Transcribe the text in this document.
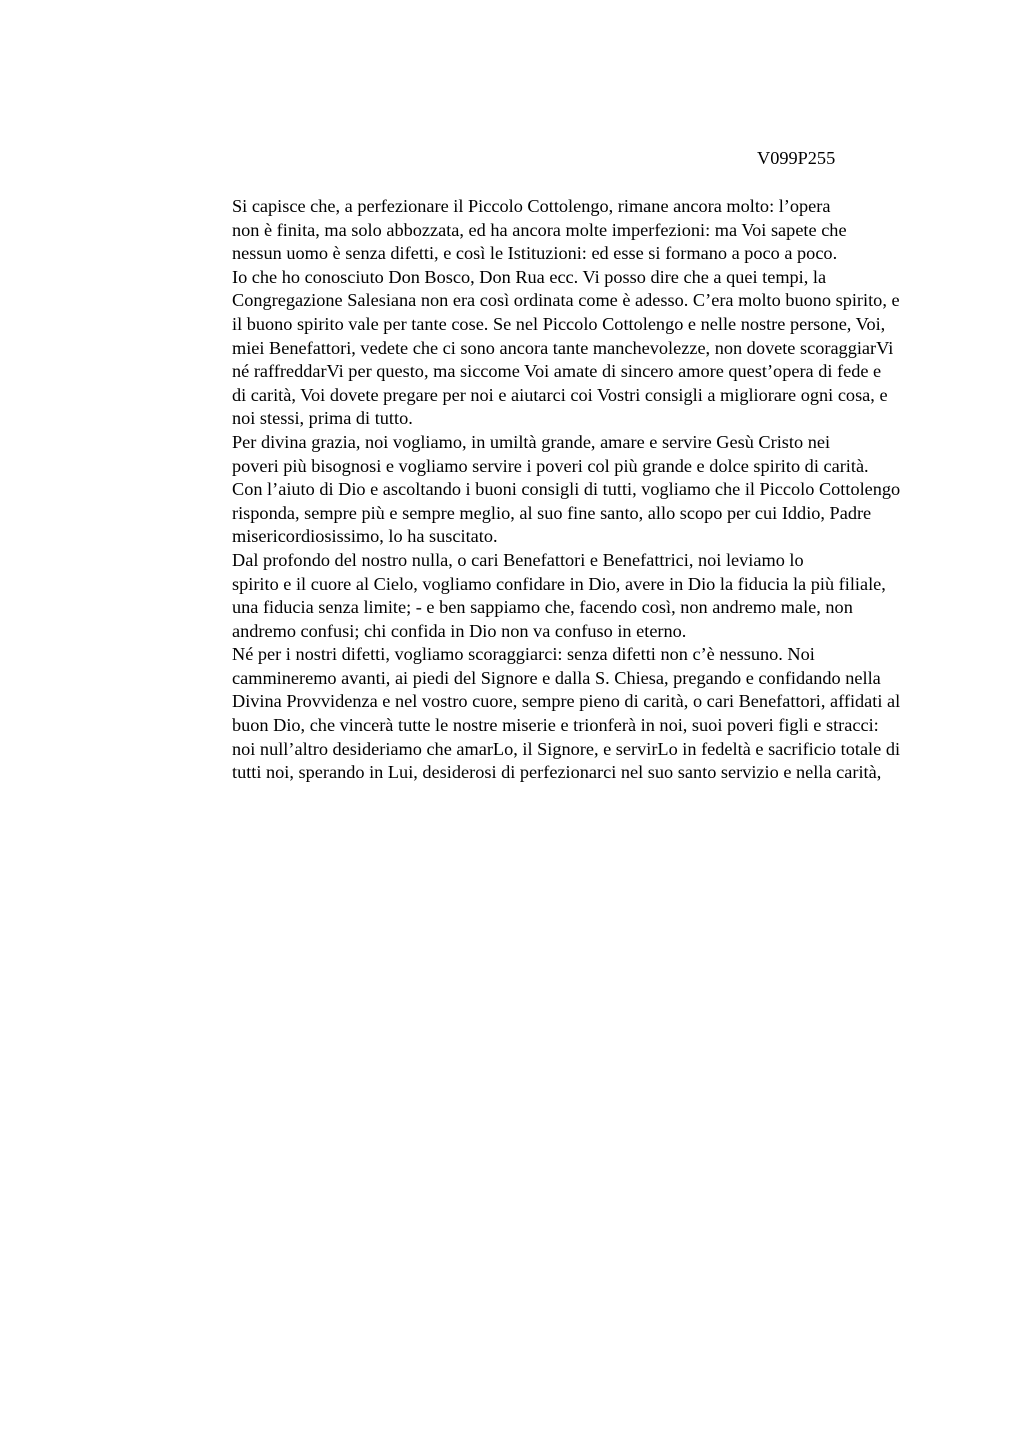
V099P255

Si capisce che, a perfezionare il Piccolo Cottolengo, rimane ancora molto: l’opera
non è finita, ma solo abbozzata, ed ha ancora molte imperfezioni: ma Voi sapete che
nessun uomo è senza difetti, e così le Istituzioni: ed esse si formano a poco a poco.

Io che ho conosciuto Don Bosco, Don Rua ecc. Vi posso dire che a quei tempi, la
Congregazione Salesiana non era così ordinata come è adesso. C’era molto buono spirito, e
il buono spirito vale per tante cose. Se nel Piccolo Cottolengo e nelle nostre persone, Voi,
miei Benefattori, vedete che ci sono ancora tante manchevolezze, non dovete scoraggiarVi
né raffreddarVi per questo, ma siccome Voi amate di sincero amore quest’opera di fede e
di carità, Voi dovete pregare per noi e aiutarci coi Vostri consigli a migliorare ogni cosa, e
noi stessi, prima di tutto.

Per divina grazia, noi vogliamo, in umiltà grande, amare e servire Gesù Cristo nei
poveri più bisognosi e vogliamo servire i poveri col più grande e dolce spirito di carità.
Con l’aiuto di Dio e ascoltando i buoni consigli di tutti, vogliamo che il Piccolo Cottolengo
risponda, sempre più e sempre meglio, al suo fine santo, allo scopo per cui Iddio, Padre
misericordiosissimo, lo ha suscitato.

Dal profondo del nostro nulla, o cari Benefattori e Benefattrici, noi leviamo lo
spirito e il cuore al Cielo, vogliamo confidare in Dio, avere in Dio la fiducia la più filiale,
una fiducia senza limite; - e ben sappiamo che, facendo così, non andremo male, non
andremo confusi; chi confida in Dio non va confuso in eterno.

Né per i nostri difetti, vogliamo scoraggiarci: senza difetti non c’è nessuno. Noi
cammineremo avanti, ai piedi del Signore e dalla S. Chiesa, pregando e confidando nella
Divina Provvidenza e nel vostro cuore, sempre pieno di carità, o cari Benefattori, affidati al
buon Dio, che vincerà tutte le nostre miserie e trionferà in noi, suoi poveri figli e stracci:
noi null’altro desideriamo che amarLo, il Signore, e servirLo in fedeltà e sacrificio totale di
tutti noi, sperando in Lui, desiderosi di perfezionarci nel suo santo servizio e nella carità,
